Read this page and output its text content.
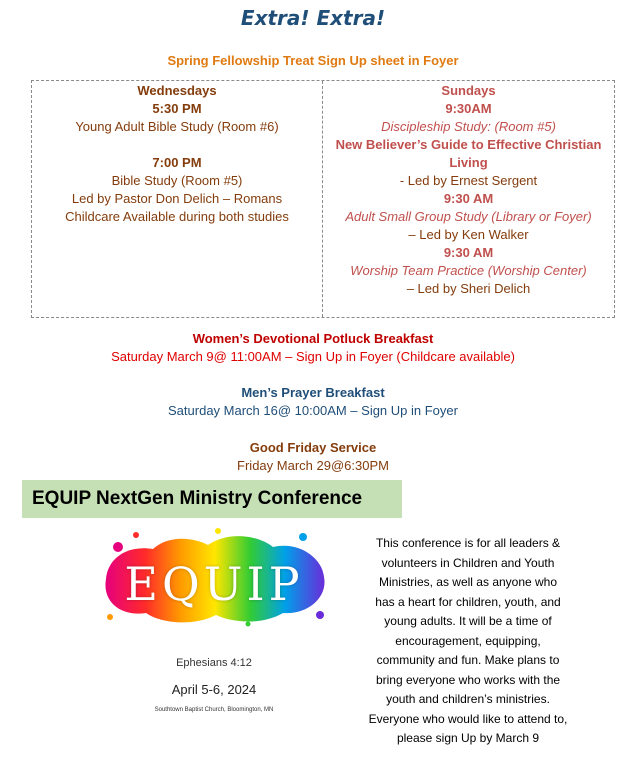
Extra! Extra!
Spring Fellowship Treat Sign Up sheet in Foyer
Wednesdays
5:30 PM
Young Adult Bible Study (Room #6)
7:00 PM
Bible Study (Room #5)
Led by Pastor Don Delich – Romans
Childcare Available during both studies
Sundays
9:30AM
Discipleship Study: (Room #5)
New Believer’s Guide to Effective Christian Living
- Led by Ernest Sergent
9:30 AM
Adult Small Group Study (Library or Foyer)
– Led by Ken Walker
9:30 AM
Worship Team Practice (Worship Center)
– Led by Sheri Delich
Women’s Devotional Potluck Breakfast
Saturday March 9@ 11:00AM – Sign Up in Foyer (Childcare available)
Men’s Prayer Breakfast
Saturday March 16@ 10:00AM – Sign Up in Foyer
Good Friday Service
Friday March 29@6:30PM
EQUIP NextGen Ministry Conference
EQUIP
Ephesians 4:12
April 5-6, 2024
Southtown Baptist Church, Bloomington, MN
This conference is for all leaders & volunteers in Children and Youth Ministries, as well as anyone who has a heart for children, youth, and young adults. It will be a time of encouragement, equipping, community and fun. Make plans to bring everyone who works with the youth and children’s ministries. Everyone who would like to attend to, please sign Up by March 9
